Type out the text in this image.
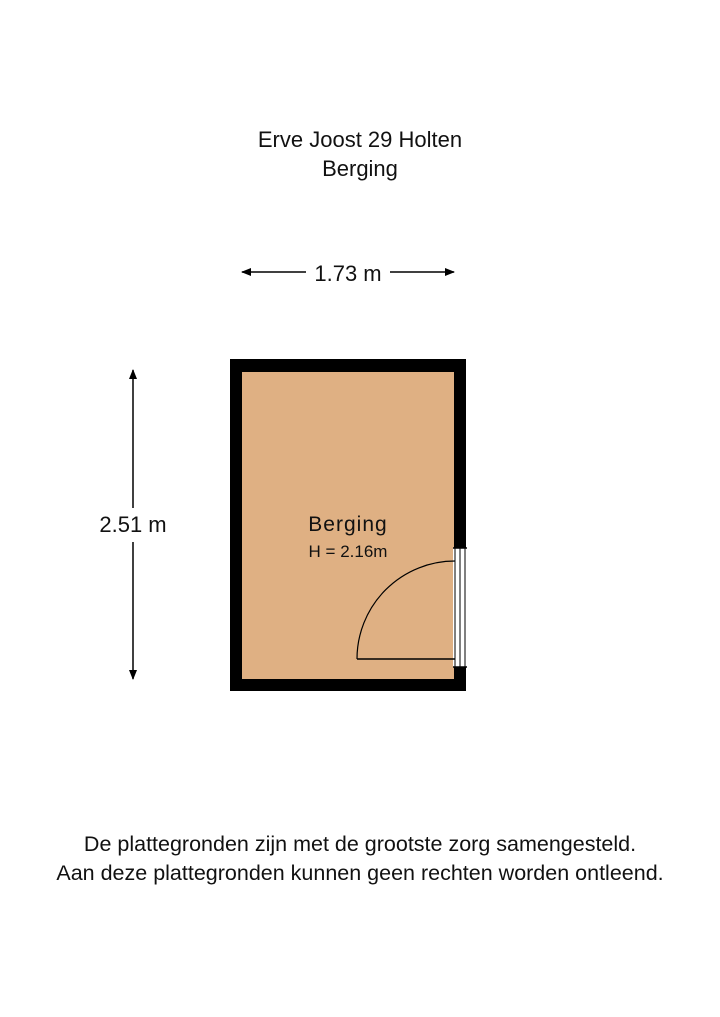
Erve Joost 29 Holten
Berging
1.73 m
2.51 m	Berging
H = 2.16m
De plattegronden zijn met de grootste zorg samengesteld.
Aan deze plattegronden kunnen geen rechten worden ontleend.
